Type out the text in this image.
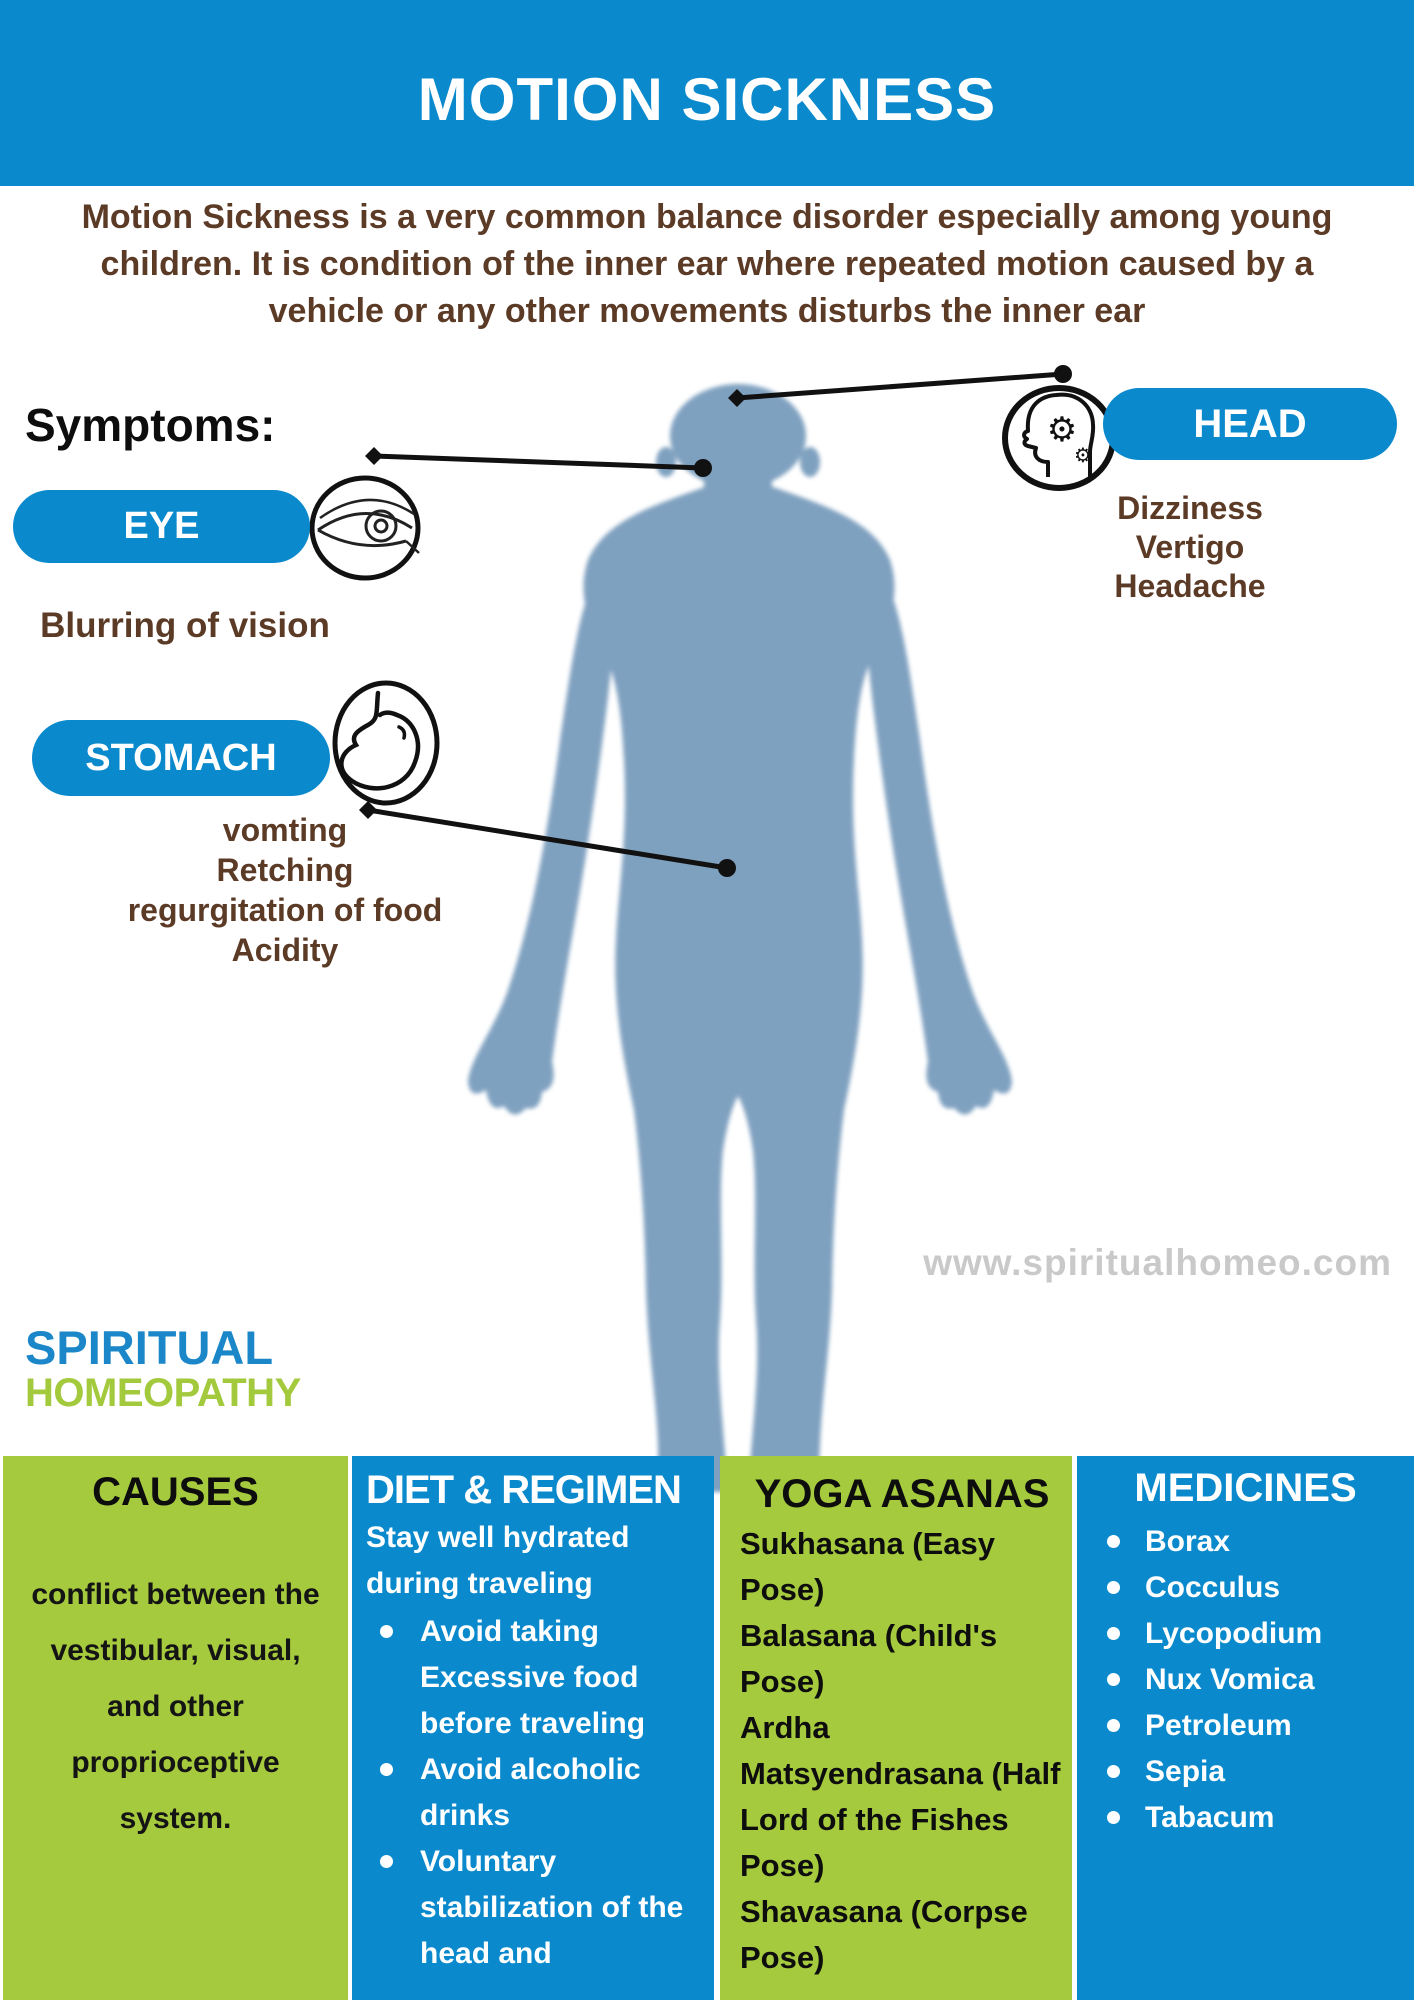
⚙
⚙
MOTION SICKNESS
Motion Sickness is a very common balance disorder especially among young
children. It is condition of the inner ear where repeated motion caused by a
vehicle or any other movements disturbs the inner ear
Symptoms:
EYE
Blurring of vision
STOMACH
vomting
Retching
regurgitation of food
Acidity
HEAD
Dizziness
Vertigo
Headache
www.spiritualhomeo.com
SPIRITUAL
HOMEOPATHY
CAUSES
conflict between the vestibular, visual, and other proprioceptive system.
DIET & REGIMEN
Stay well hydrated during traveling
Avoid taking Excessive food before traveling
Avoid alcoholic drinks
Voluntary stabilization of the head and
YOGA ASANAS
Sukhasana (Easy Pose)
Balasana (Child's Pose)
Ardha Matsyendrasana (Half Lord of the Fishes Pose)
Shavasana (Corpse Pose)
MEDICINES
Borax
Cocculus
Lycopodium
Nux Vomica
Petroleum
Sepia
Tabacum
